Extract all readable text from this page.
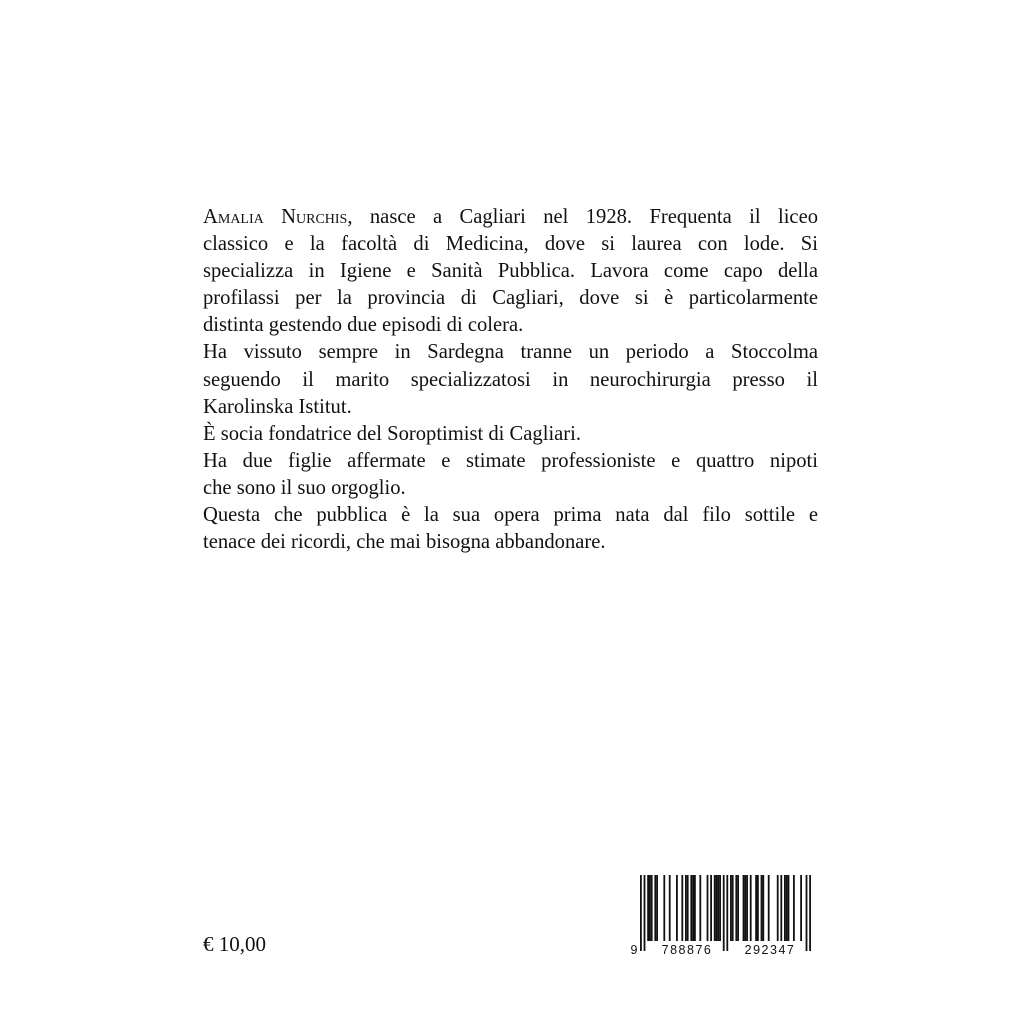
Amalia Nurchis, nasce a Cagliari nel 1928. Frequenta il liceo
classico e la facoltà di Medicina, dove si laurea con lode. Si
specializza in Igiene e Sanità Pubblica. Lavora come capo della
profilassi per la provincia di Cagliari, dove si è particolarmente
distinta gestendo due episodi di colera.
Ha vissuto sempre in Sardegna tranne un periodo a Stoccolma
seguendo il marito specializzatosi in neurochirurgia presso il
Karolinska Istitut.
È socia fondatrice del Soroptimist di Cagliari.
Ha due figlie affermate e stimate professioniste e quattro nipoti
che sono il suo orgoglio.
Questa che pubblica è la sua opera prima nata dal filo sottile e
tenace dei ricordi, che mai bisogna abbandonare.
€ 10,00	9 788876	292347
